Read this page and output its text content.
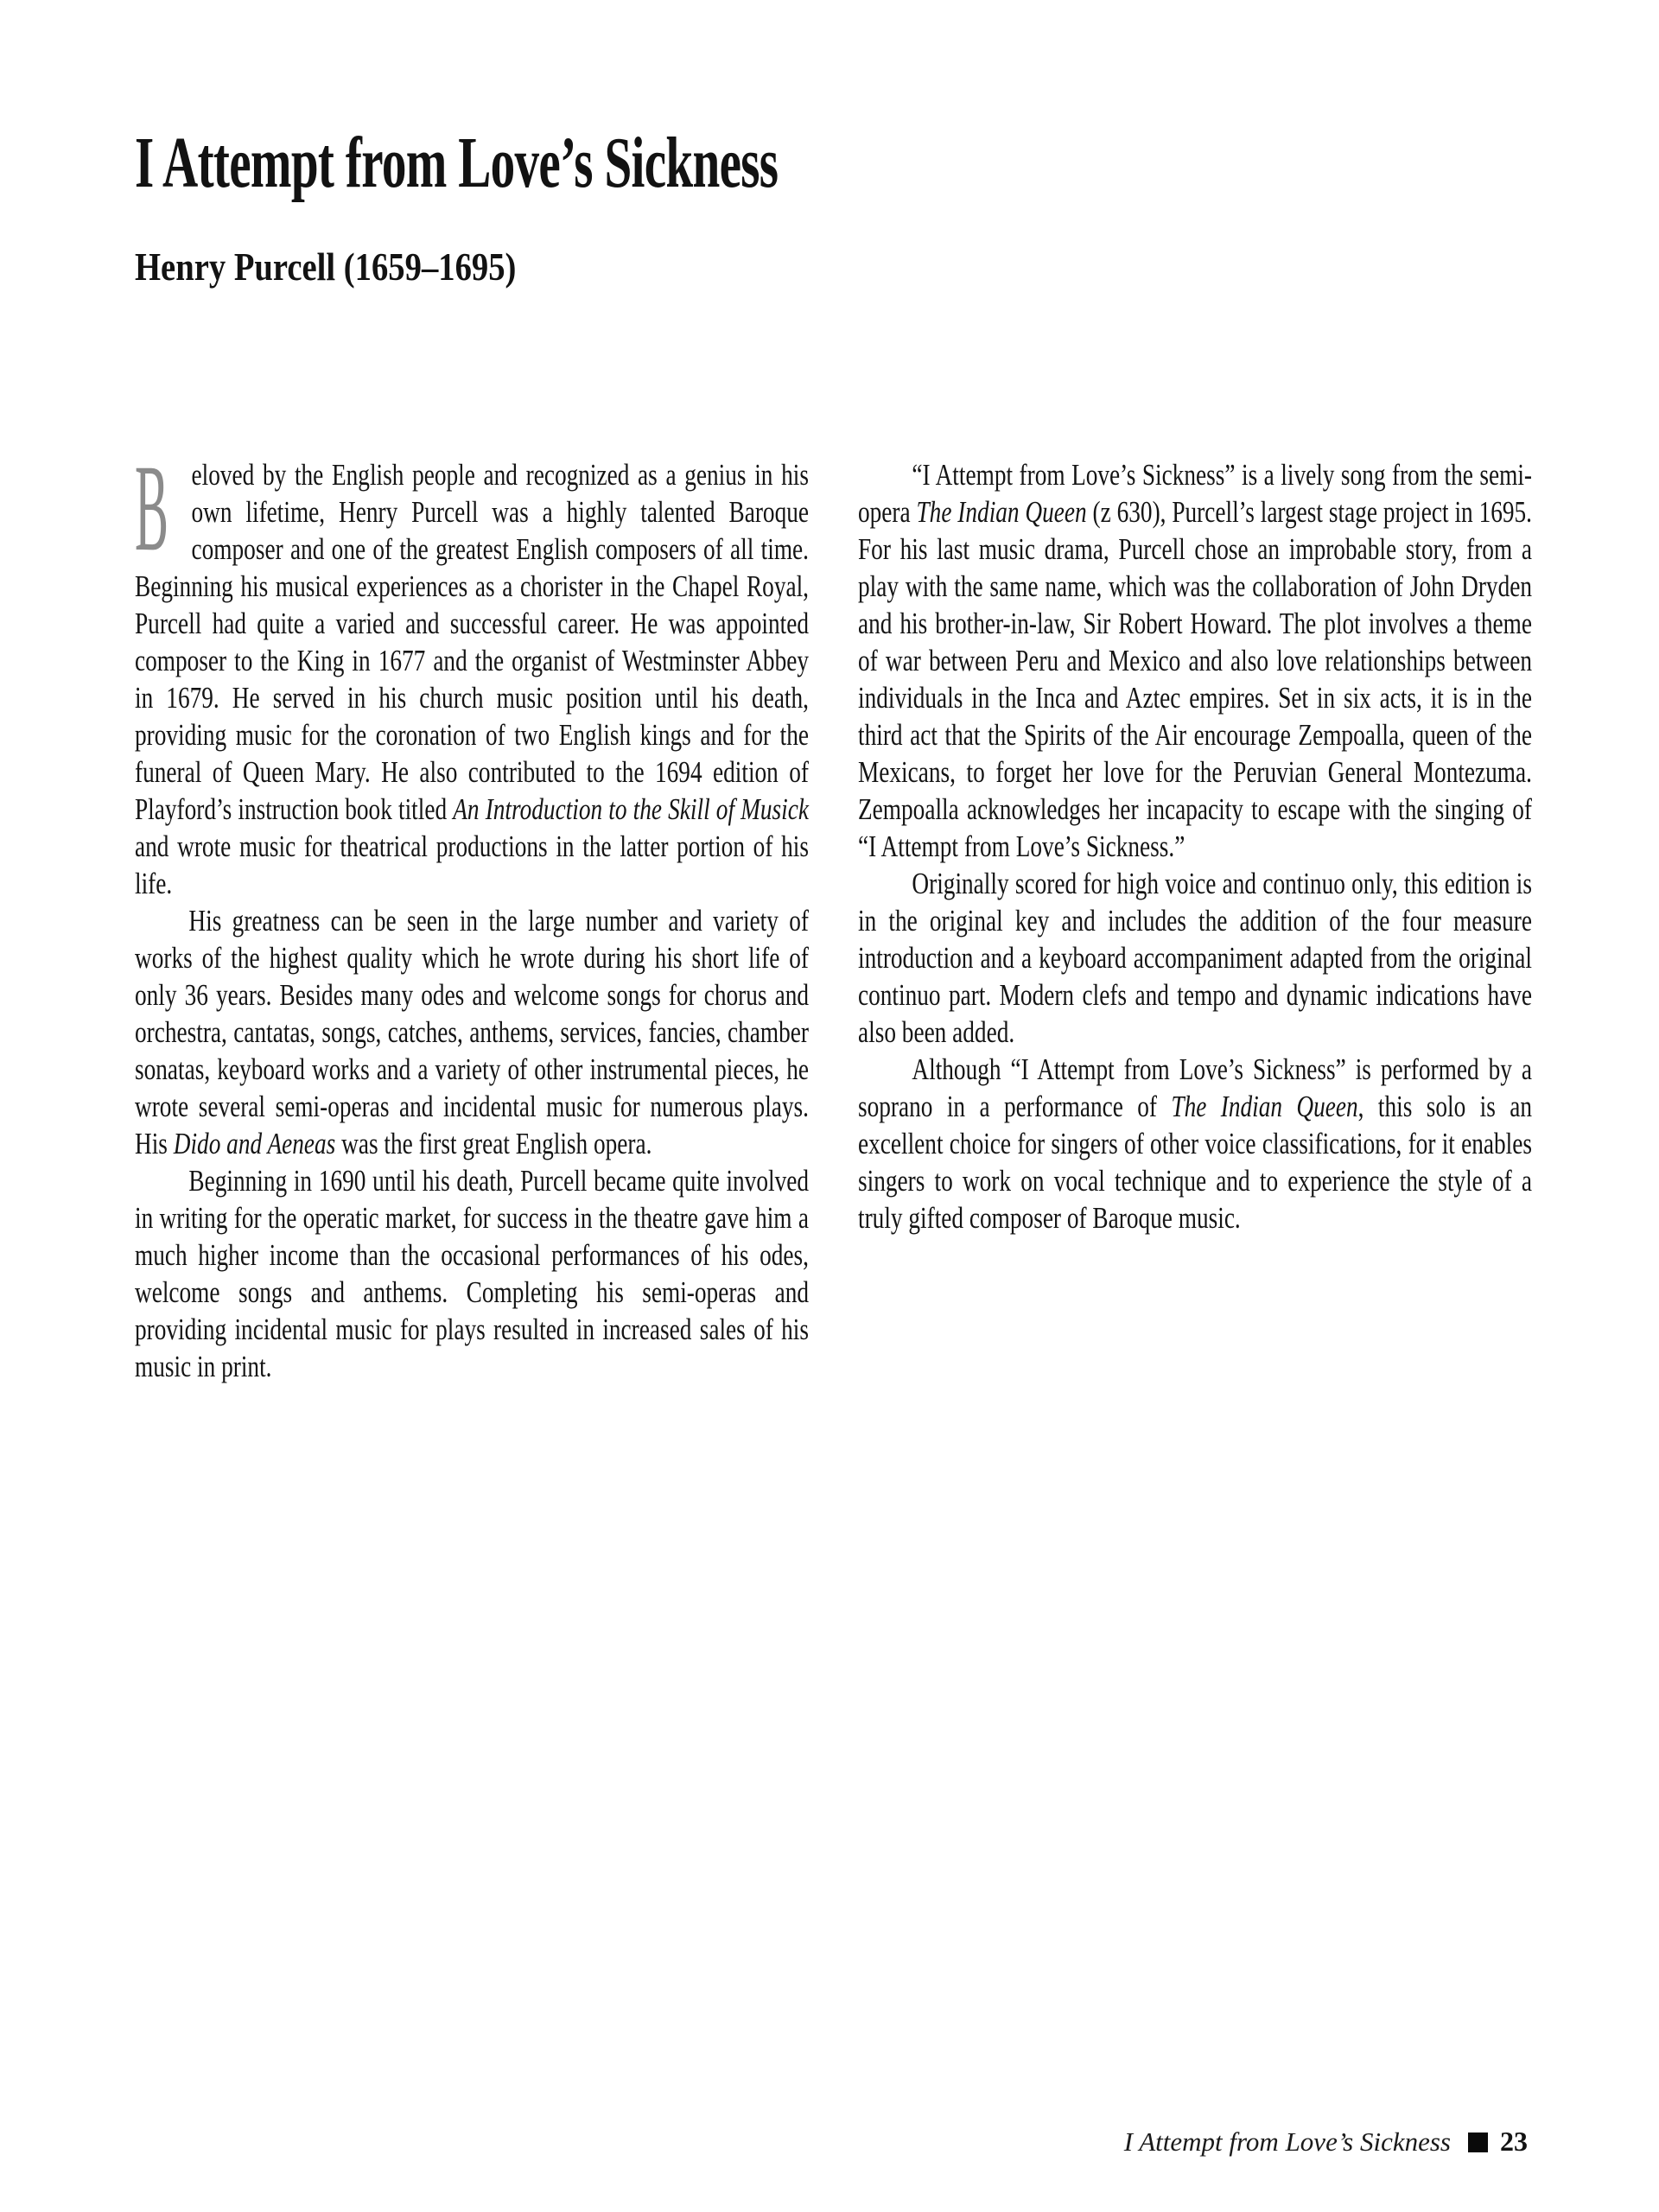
I Attempt from Love’s Sickness
Henry Purcell (1659–1695)

Beloved by the English people and recognized as a genius in his own lifetime, Henry Purcell was a highly talented Baroque composer and one of the greatest English composers of all time. Beginning his musical experiences as a chorister in the Chapel Royal, Purcell had quite a varied and successful career. He was appointed composer to the King in 1677 and the organist of Westminster Abbey in 1679. He served in his church music position until his death, providing music for the coronation of two English kings and for the funeral of Queen Mary. He also contributed to the 1694 edition of Playford’s instruction book titled An Introduction to the Skill of Musick and wrote music for theatrical productions in the latter portion of his life.

His greatness can be seen in the large number and variety of works of the highest quality which he wrote during his short life of only 36 years. Besides many odes and welcome songs for chorus and orchestra, cantatas, songs, catches, anthems, services, fancies, chamber sonatas, keyboard works and a variety of other instrumental pieces, he wrote several semi-operas and incidental music for numerous plays. His Dido and Aeneas was the first great English opera.

Beginning in 1690 until his death, Purcell became quite involved in writing for the operatic market, for success in the theatre gave him a much higher income than the occasional performances of his odes, welcome songs and anthems. Completing his semi-operas and providing incidental music for plays resulted in increased sales of his music in print.

“I Attempt from Love’s Sickness” is a lively song from the semi-opera The Indian Queen (z 630), Purcell’s largest stage project in 1695. For his last music drama, Purcell chose an improbable story, from a play with the same name, which was the collaboration of John Dryden and his brother-in-law, Sir Robert Howard. The plot involves a theme of war between Peru and Mexico and also love relationships between individuals in the Inca and Aztec empires. Set in six acts, it is in the third act that the Spirits of the Air encourage Zempoalla, queen of the Mexicans, to forget her love for the Peruvian General Montezuma. Zempoalla acknowledges her incapacity to escape with the singing of “I Attempt from Love’s Sickness.”

Originally scored for high voice and continuo only, this edition is in the original key and includes the addition of the four measure introduction and a keyboard accompaniment adapted from the original continuo part. Modern clefs and tempo and dynamic indications have also been added.

Although “I Attempt from Love’s Sickness” is performed by a soprano in a performance of The Indian Queen, this solo is an excellent choice for singers of other voice classifications, for it enables singers to work on vocal technique and to experience the style of a truly gifted composer of Baroque music.

I Attempt from Love’s Sickness 23
